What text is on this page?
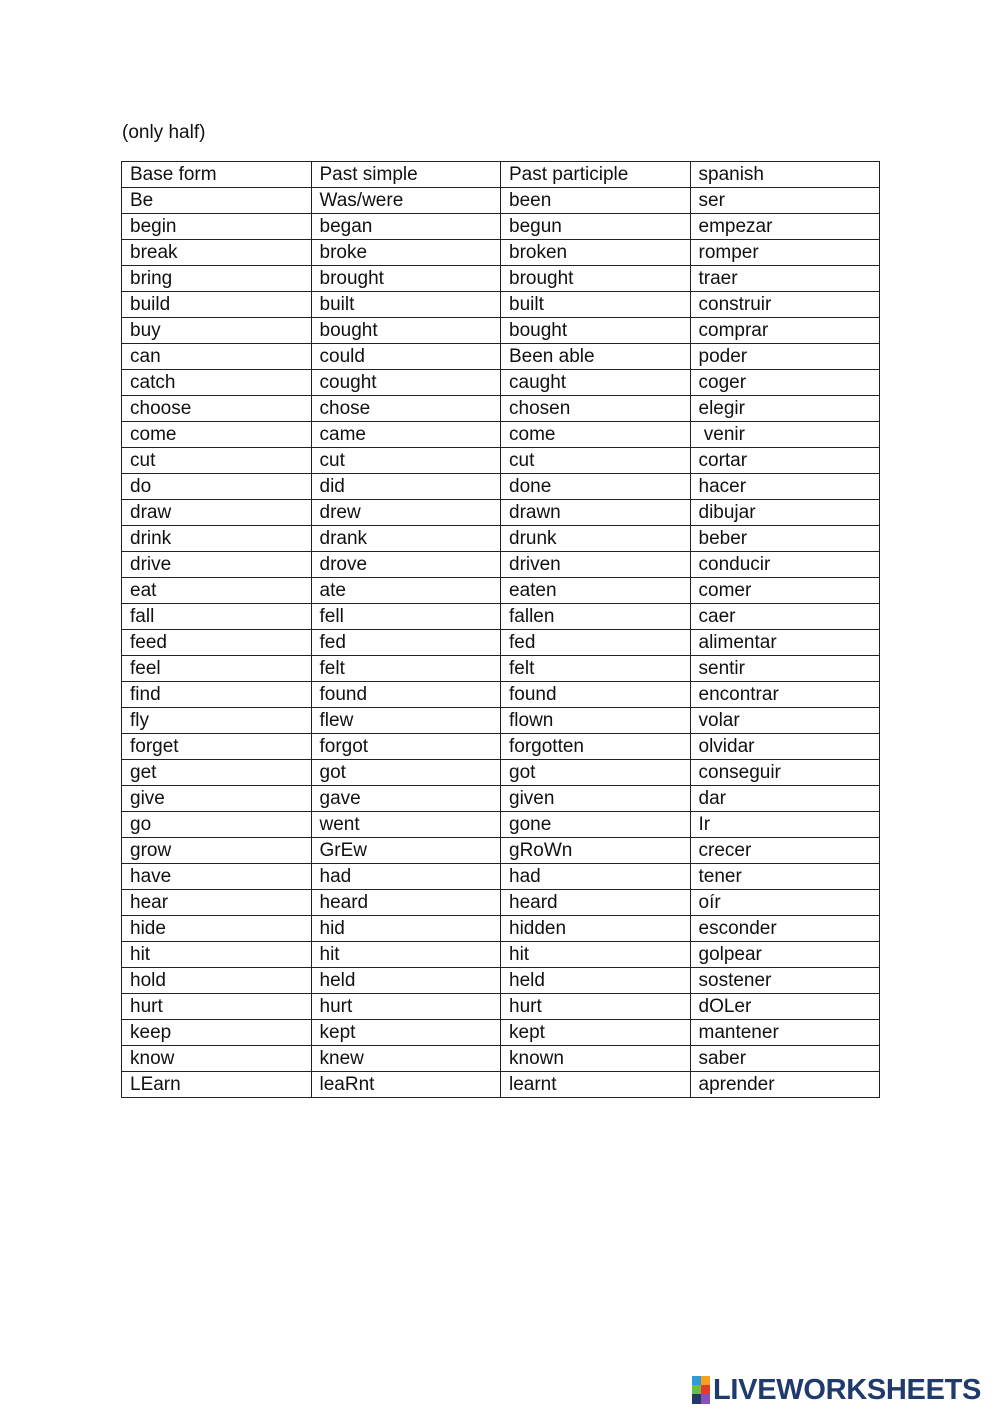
(only half)
Base form	Past simple	Past participle	spanish
Be	Was/were	been	ser
begin	began	begun	empezar
break	broke	broken	romper
bring	brought	brought	traer
build	built	built	construir
buy	bought	bought	comprar
can	could	Been able	poder
catch	cought	caught	coger
choose	chose	chosen	elegir
come	came	come	venir
cut	cut	cut	cortar
do	did	done	hacer
draw	drew	drawn	dibujar
drink	drank	drunk	beber
drive	drove	driven	conducir
eat	ate	eaten	comer
fall	fell	fallen	caer
feed	fed	fed	alimentar
feel	felt	felt	sentir
find	found	found	encontrar
fly	flew	flown	volar
forget	forgot	forgotten	olvidar
get	got	got	conseguir
give	gave	given	dar
go	went	gone	Ir
grow	GrEw	gRoWn	crecer
have	had	had	tener
hear	heard	heard	oír
hide	hid	hidden	esconder
hit	hit	hit	golpear
hold	held	held	sostener
hurt	hurt	hurt	dOLer
keep	kept	kept	mantener
know	knew	known	saber
LEarn	leaRnt	learnt	aprender
LIVEWORKSHEETS
